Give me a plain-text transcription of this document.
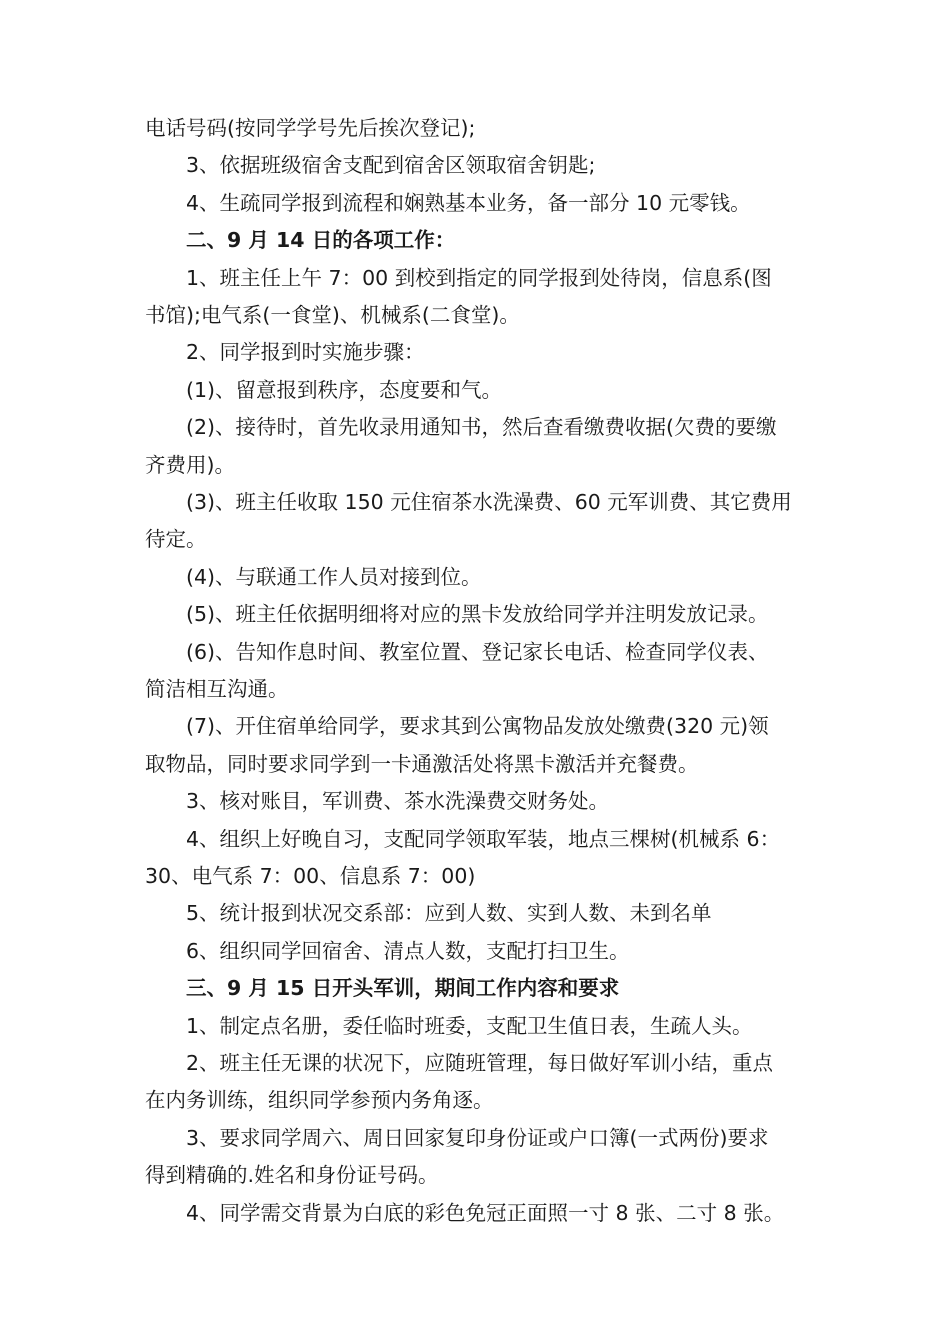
电话号码(按同学学号先后挨次登记);
3、依据班级宿舍支配到宿舍区领取宿舍钥匙;
4、生疏同学报到流程和娴熟基本业务，备一部分 10 元零钱。
二、9 月 14 日的各项工作：
1、班主任上午 7：00 到校到指定的同学报到处待岗，信息系(图
书馆);电气系(一食堂)、机械系(二食堂)。
2、同学报到时实施步骤：
(1)、留意报到秩序，态度要和气。
(2)、接待时，首先收录用通知书，然后查看缴费收据(欠费的要缴
齐费用)。
(3)、班主任收取 150 元住宿茶水洗澡费、60 元军训费、其它费用
待定。
(4)、与联通工作人员对接到位。
(5)、班主任依据明细将对应的黑卡发放给同学并注明发放记录。
(6)、告知作息时间、教室位置、登记家长电话、检查同学仪表、
简洁相互沟通。
(7)、开住宿单给同学，要求其到公寓物品发放处缴费(320 元)领
取物品，同时要求同学到一卡通激活处将黑卡激活并充餐费。
3、核对账目，军训费、茶水洗澡费交财务处。
4、组织上好晚自习，支配同学领取军装，地点三棵树(机械系 6：
30、电气系 7：00、信息系 7：00)
5、统计报到状况交系部：应到人数、实到人数、未到名单
6、组织同学回宿舍、清点人数，支配打扫卫生。
三、9 月 15 日开头军训，期间工作内容和要求
1、制定点名册，委任临时班委，支配卫生值日表，生疏人头。
2、班主任无课的状况下，应随班管理，每日做好军训小结，重点
在内务训练，组织同学参预内务角逐。
3、要求同学周六、周日回家复印身份证或户口簿(一式两份)要求
得到精确的.姓名和身份证号码。
4、同学需交背景为白底的彩色免冠正面照一寸 8 张、二寸 8 张。
